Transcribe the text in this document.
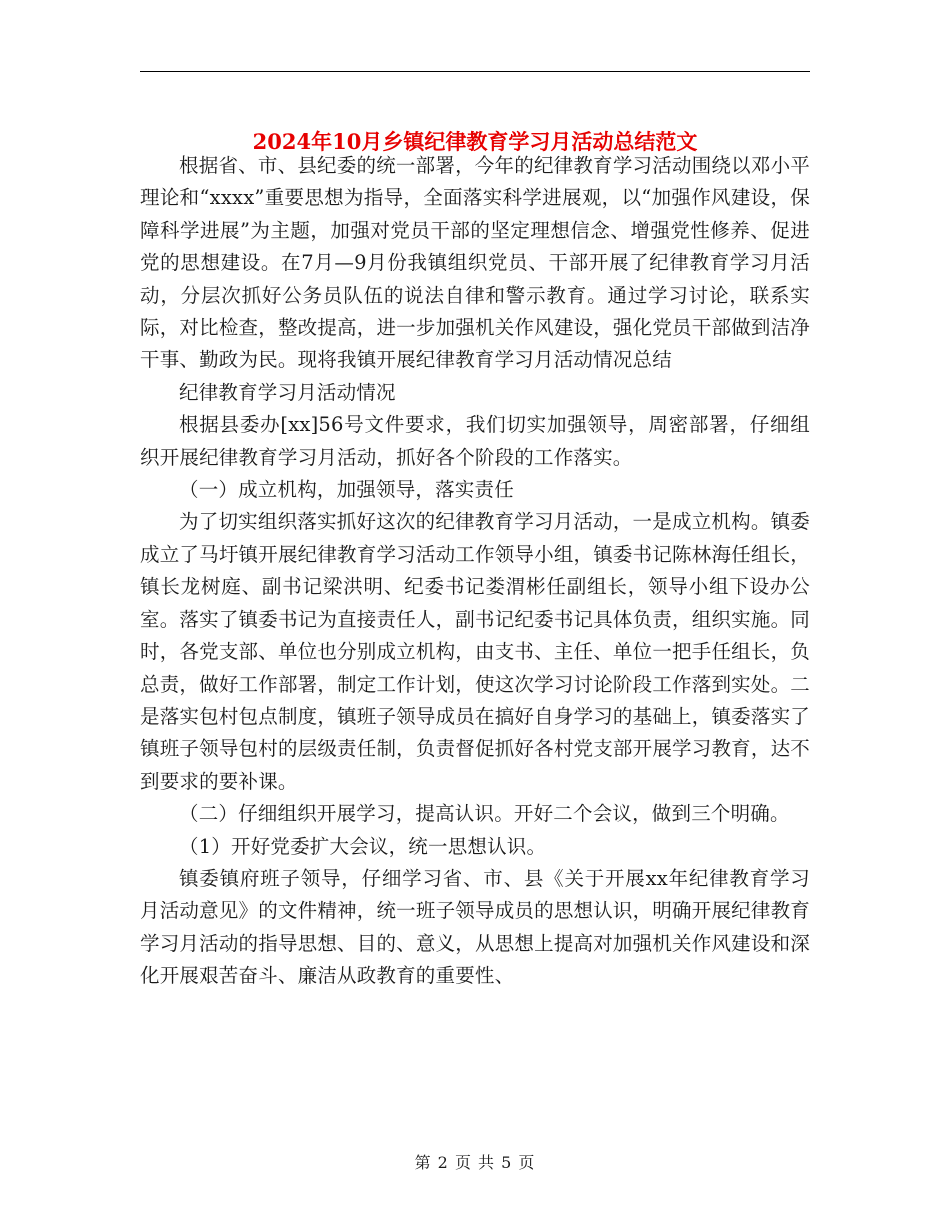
2024年10月乡镇纪律教育学习月活动总结范文

根据省、市、县纪委的统一部署，今年的纪律教育学习活动围绕以邓小平理论和“xxxx”重要思想为指导，全面落实科学进展观，以“加强作风建设，保障科学进展”为主题，加强对党员干部的坚定理想信念、增强党性修养、促进党的思想建设。在7月—9月份我镇组织党员、干部开展了纪律教育学习月活动，分层次抓好公务员队伍的说法自律和警示教育。通过学习讨论，联系实际，对比检查，整改提高，进一步加强机关作风建设，强化党员干部做到洁净干事、勤政为民。现将我镇开展纪律教育学习月活动情况总结

纪律教育学习月活动情况

根据县委办[xx]56号文件要求，我们切实加强领导，周密部署，仔细组织开展纪律教育学习月活动，抓好各个阶段的工作落实。

（一）成立机构，加强领导，落实责任

为了切实组织落实抓好这次的纪律教育学习月活动，一是成立机构。镇委成立了马圩镇开展纪律教育学习活动工作领导小组，镇委书记陈林海任组长，镇长龙树庭、副书记梁洪明、纪委书记娄渭彬任副组长，领导小组下设办公室。落实了镇委书记为直接责任人，副书记纪委书记具体负责，组织实施。同时，各党支部、单位也分别成立机构，由支书、主任、单位一把手任组长，负总责，做好工作部署，制定工作计划，使这次学习讨论阶段工作落到实处。二是落实包村包点制度，镇班子领导成员在搞好自身学习的基础上，镇委落实了镇班子领导包村的层级责任制，负责督促抓好各村党支部开展学习教育，达不到要求的要补课。

（二）仔细组织开展学习，提高认识。开好二个会议，做到三个明确。

（1）开好党委扩大会议，统一思想认识。

镇委镇府班子领导，仔细学习省、市、县《关于开展xx年纪律教育学习月活动意见》的文件精神，统一班子领导成员的思想认识，明确开展纪律教育学习月活动的指导思想、目的、意义，从思想上提高对加强机关作风建设和深化开展艰苦奋斗、廉洁从政教育的重要性、

第 2 页 共 5 页
